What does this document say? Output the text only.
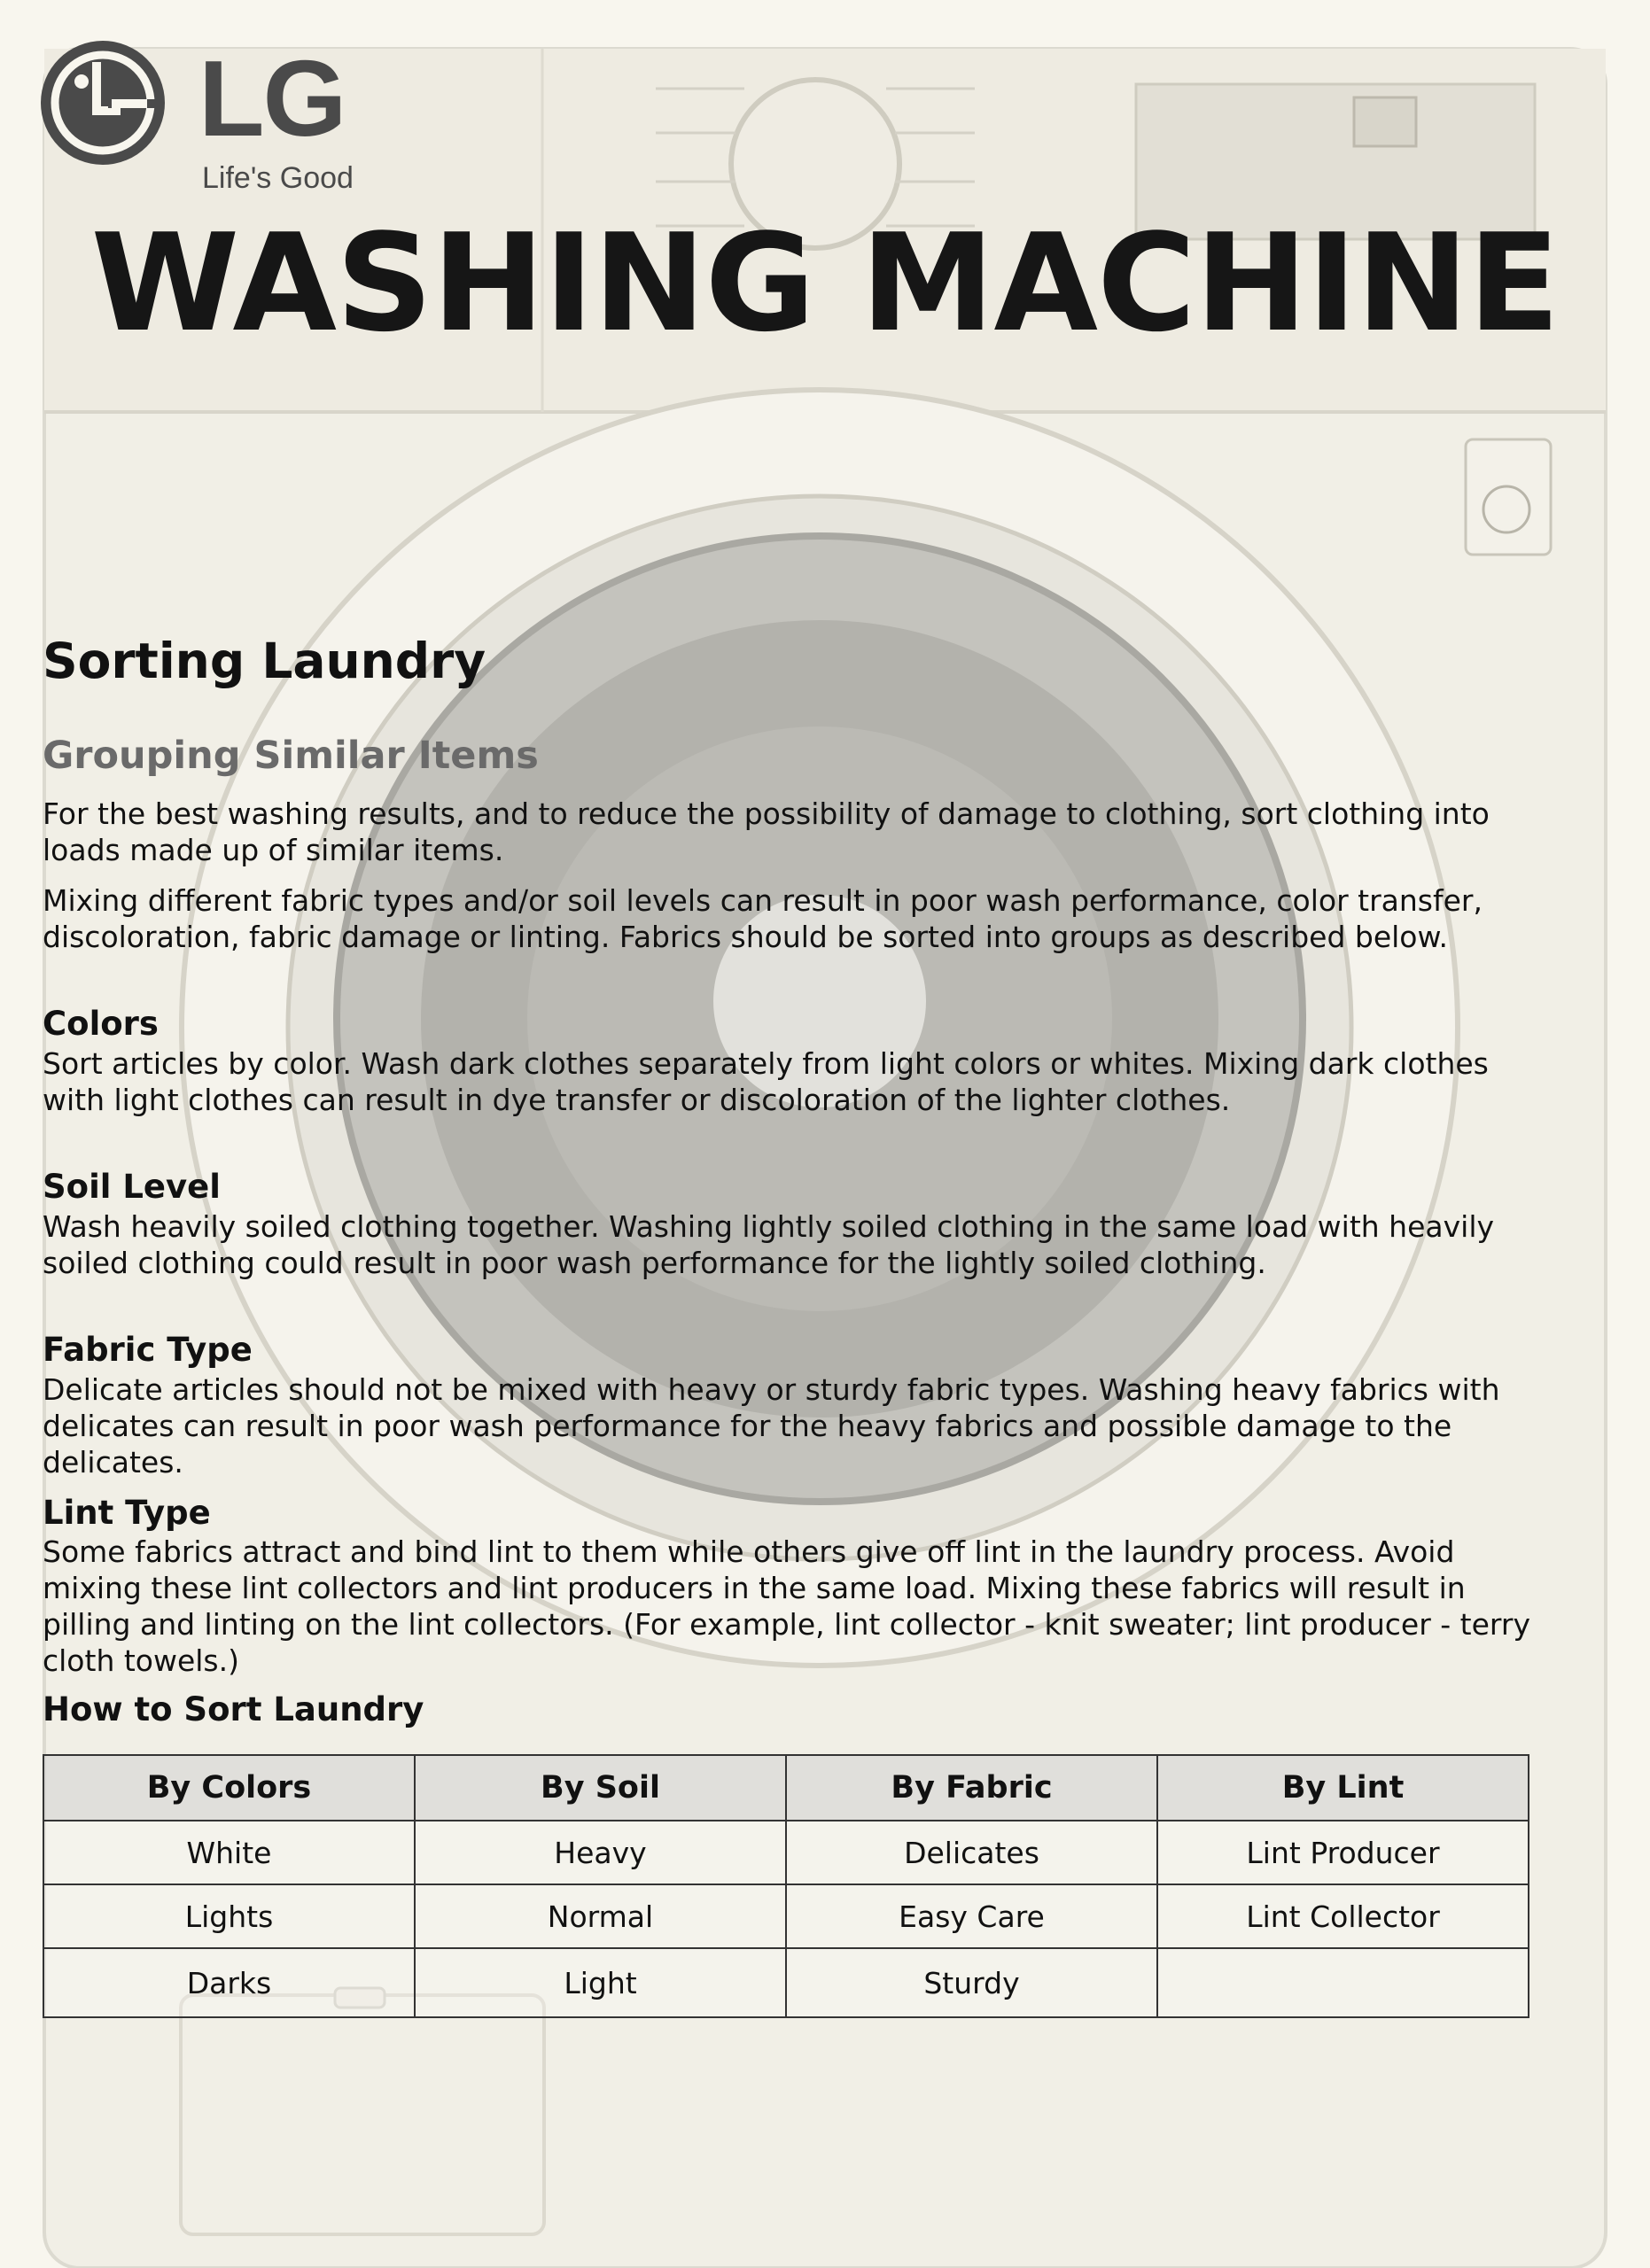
LG
Life's Good
WASHING MACHINE
Sorting Laundry
Grouping Similar Items
For the best washing results, and to reduce the possibility of damage to clothing, sort clothing into loads made up of similar items.
Mixing different fabric types and/or soil levels can result in poor wash performance, color transfer, discoloration, fabric damage or linting. Fabrics should be sorted into groups as described below.
Colors
Sort articles by color. Wash dark clothes separately from light colors or whites. Mixing dark clothes with light clothes can result in dye transfer or discoloration of the lighter clothes.
Soil Level
Wash heavily soiled clothing together. Washing lightly soiled clothing in the same load with heavily soiled clothing could result in poor wash performance for the lightly soiled clothing.
Fabric Type
Delicate articles should not be mixed with heavy or sturdy fabric types. Washing heavy fabrics with delicates can result in poor wash performance for the heavy fabrics and possible damage to the delicates.
Lint Type
Some fabrics attract and bind lint to them while others give off lint in the laundry process. Avoid mixing these lint collectors and lint producers in the same load. Mixing these fabrics will result in pilling and linting on the lint collectors. (For example, lint collector - knit sweater; lint producer - terry cloth towels.)
How to Sort Laundry
By Colors	By Soil	By Fabric	By Lint
White	Heavy	Delicates	Lint Producer
Lights	Normal	Easy Care	Lint Collector
Darks	Light	Sturdy	
